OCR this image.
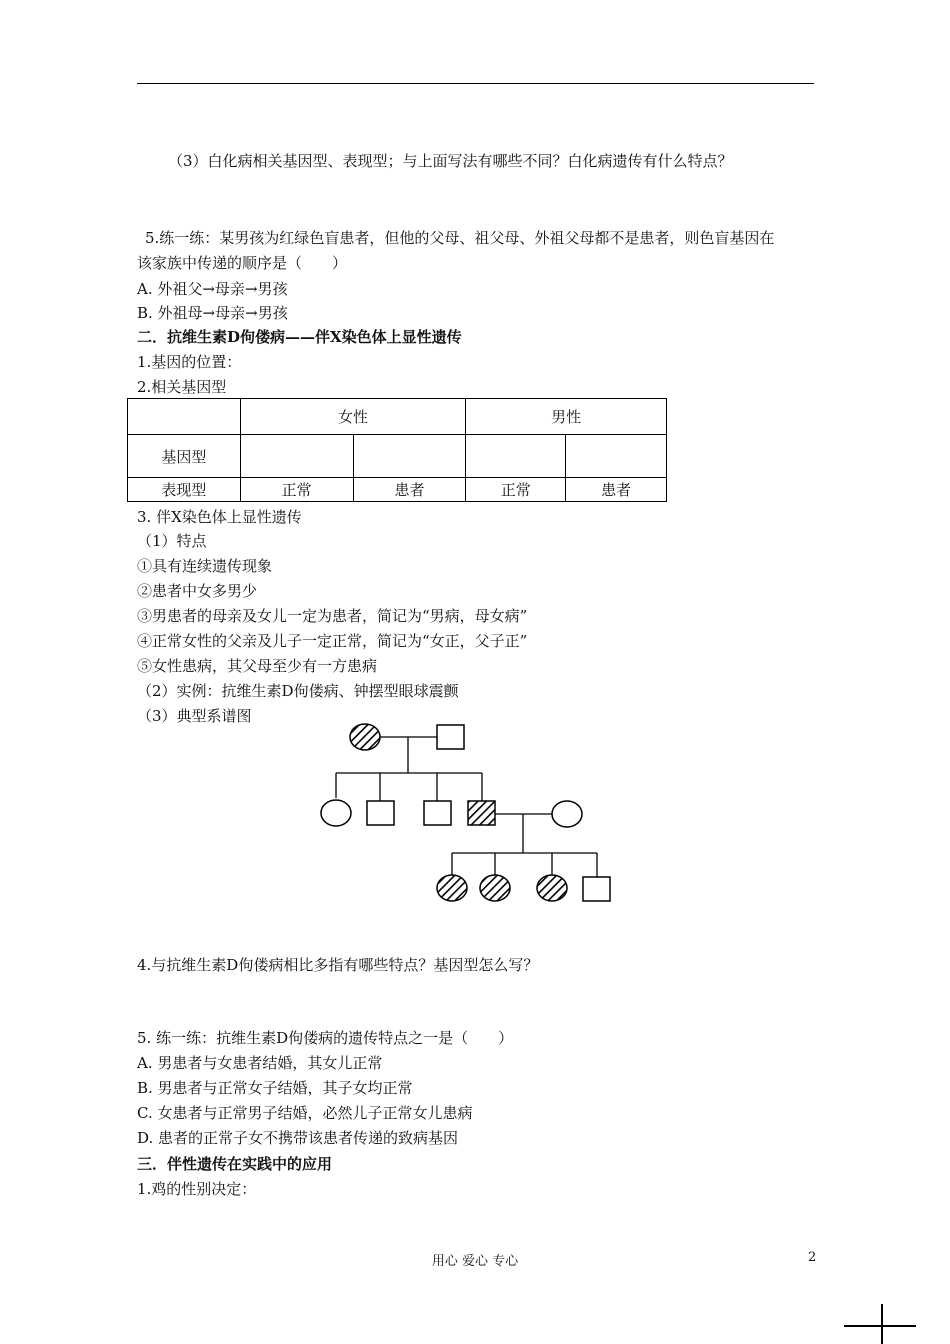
（3）白化病相关基因型、表现型；与上面写法有哪些不同？白化病遗传有什么特点？
5.练一练：某男孩为红绿色盲患者，但他的父母、祖父母、外祖父母都不是患者，则色盲基因在
该家族中传递的顺序是（　　）
A. 外祖父→母亲→男孩
B. 外祖母→母亲→男孩
二．抗维生素D佝偻病——伴X染色体上显性遗传
1.基因的位置：
2.相关基因型
	女性		男性	
基因型				
表现型	正常	患者	正常	患者
3. 伴X染色体上显性遗传
（1）特点
①具有连续遗传现象
②患者中女多男少
③男患者的母亲及女儿一定为患者，简记为“男病，母女病”
④正常女性的父亲及儿子一定正常，简记为“女正，父子正”
⑤女性患病，其父母至少有一方患病
（2）实例：抗维生素D佝偻病、钟摆型眼球震颤
（3）典型系谱图
4.与抗维生素D佝偻病相比多指有哪些特点？基因型怎么写？
5. 练一练：抗维生素D佝偻病的遗传特点之一是（　　）
A. 男患者与女患者结婚，其女儿正常
B. 男患者与正常女子结婚，其子女均正常
C. 女患者与正常男子结婚，必然儿子正常女儿患病
D. 患者的正常子女不携带该患者传递的致病基因
三．伴性遗传在实践中的应用
1.鸡的性别决定：
用心 爱心 专心	2
